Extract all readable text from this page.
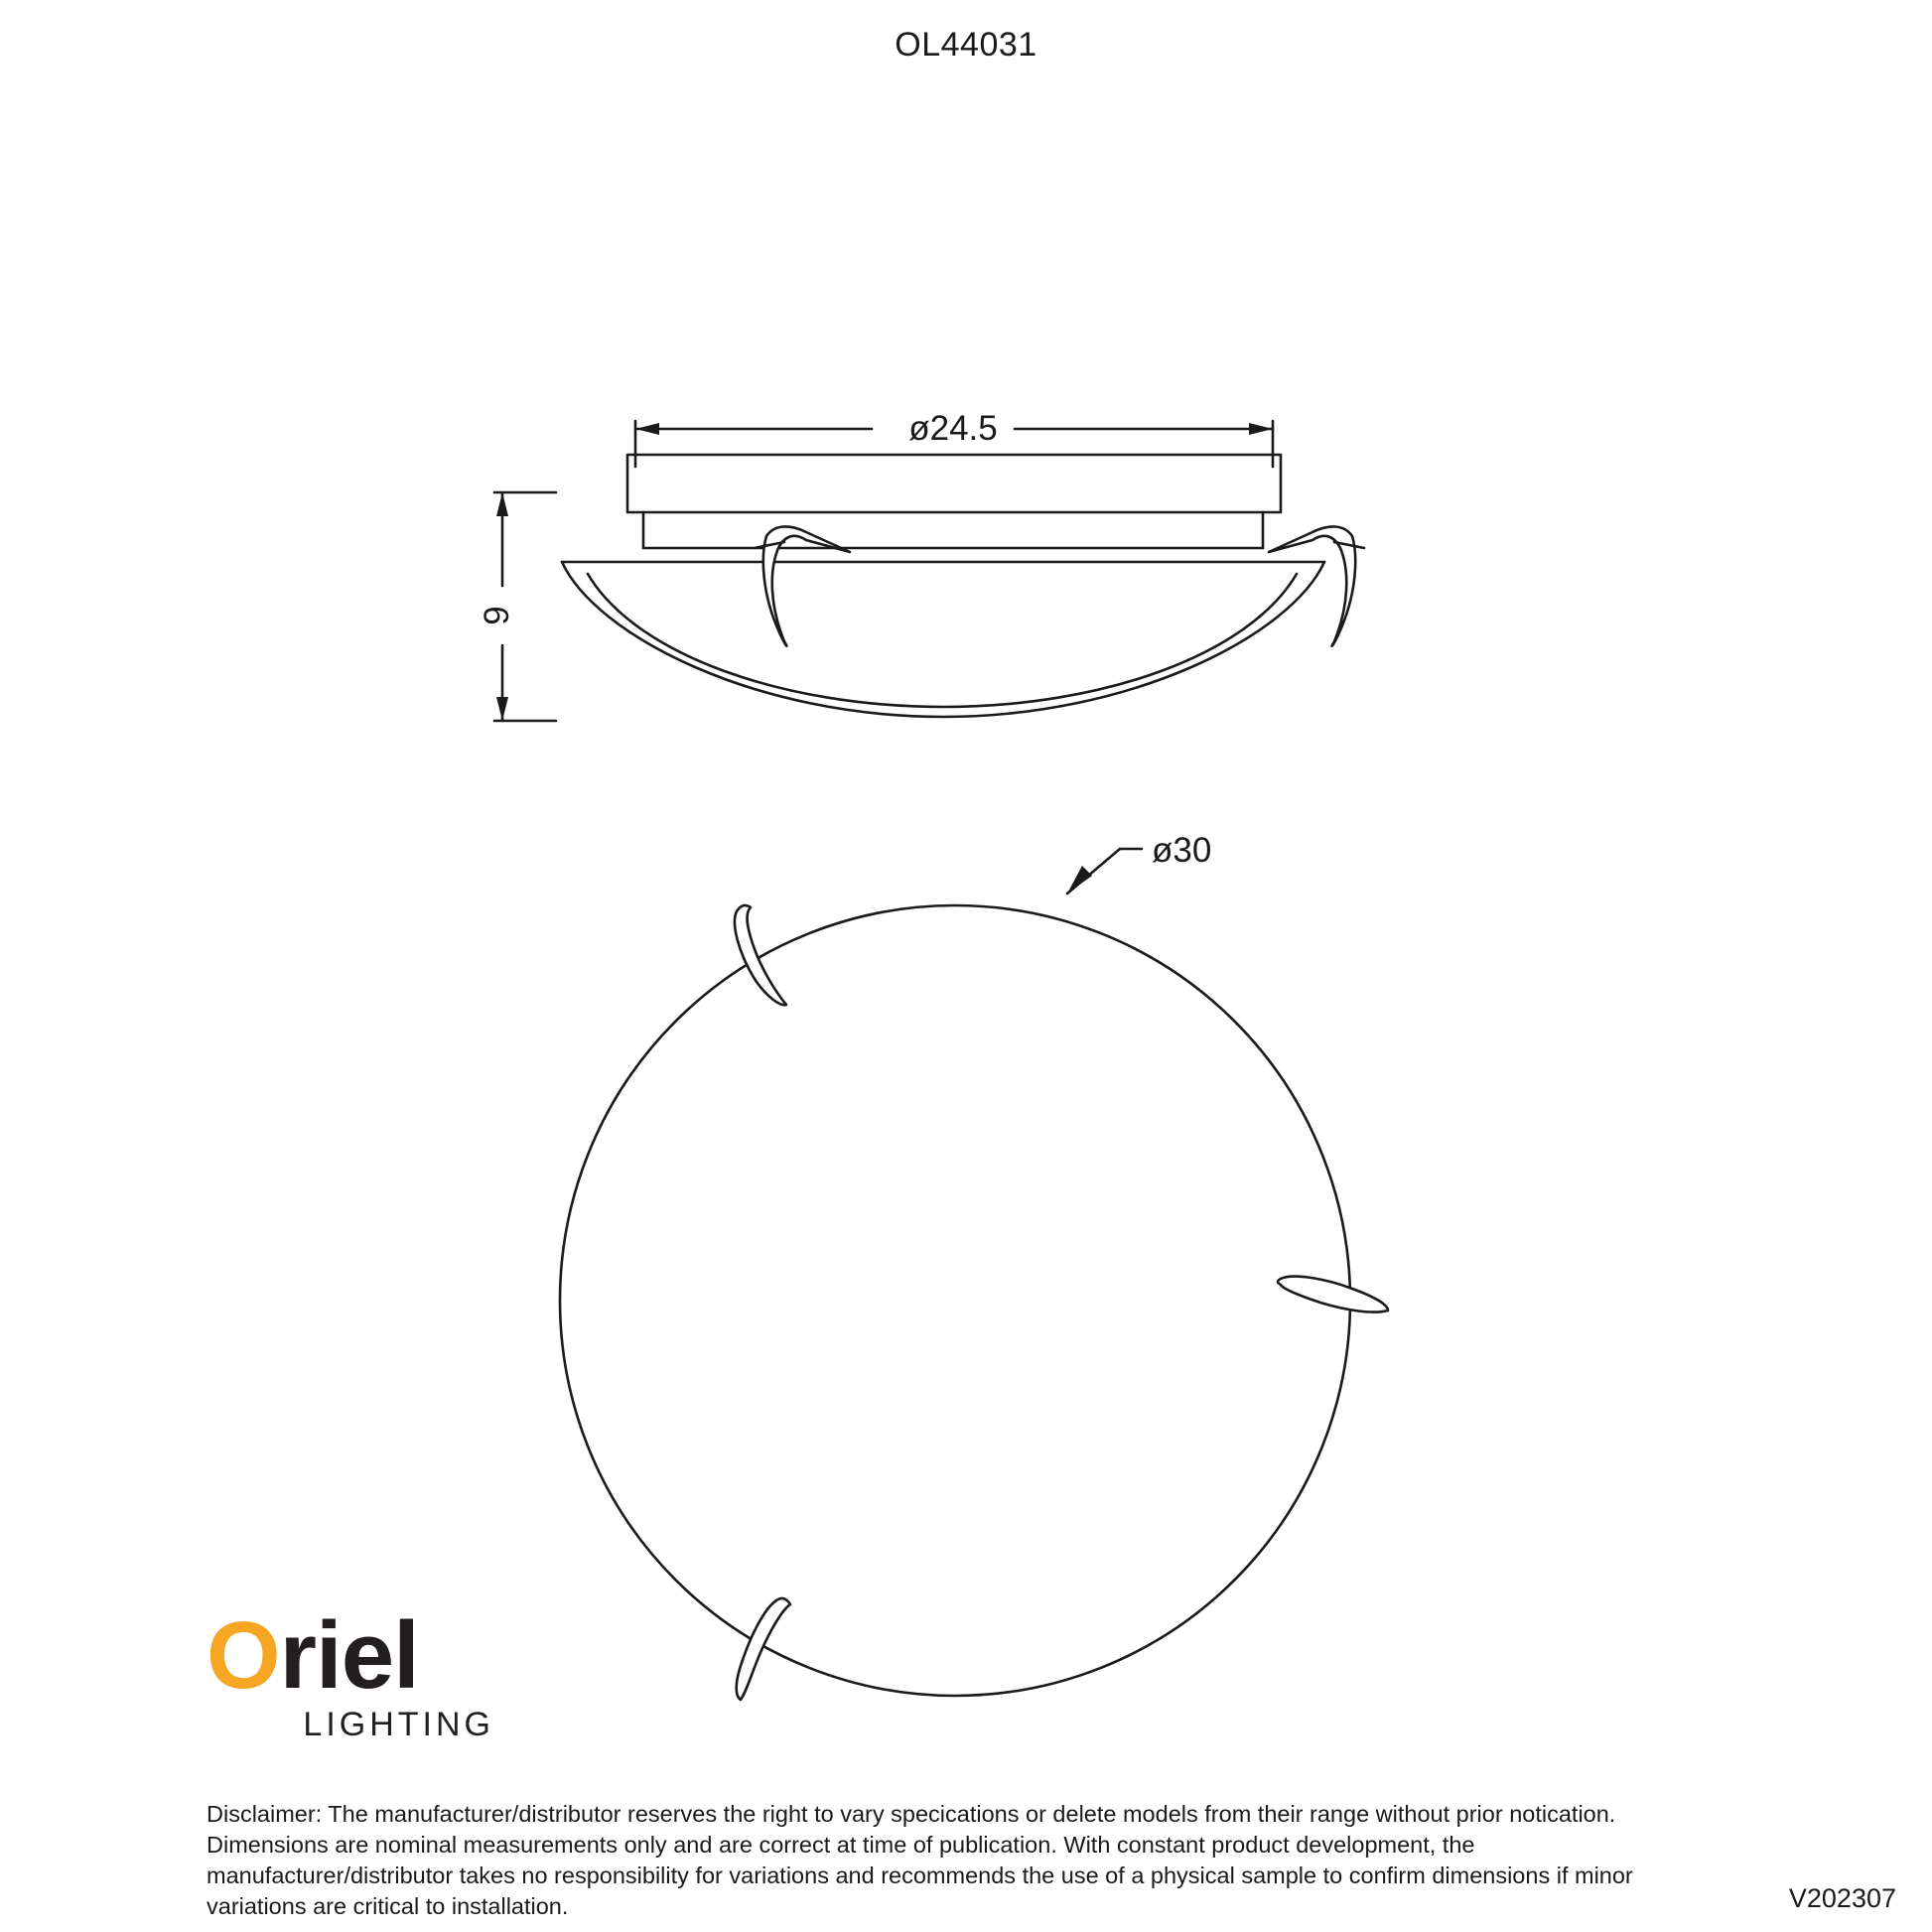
OL44031
ø24.5
9
ø30
Oriel
LIGHTING
Disclaimer: The manufacturer/distributor reserves the right to vary specications or delete models from their range without prior notication. Dimensions are nominal measurements only and are correct at time of publication. With constant product development, the manufacturer/distributor takes no responsibility for variations and recommends the use of a physical sample to confirm dimensions if minor variations are critical to installation.	V202307
